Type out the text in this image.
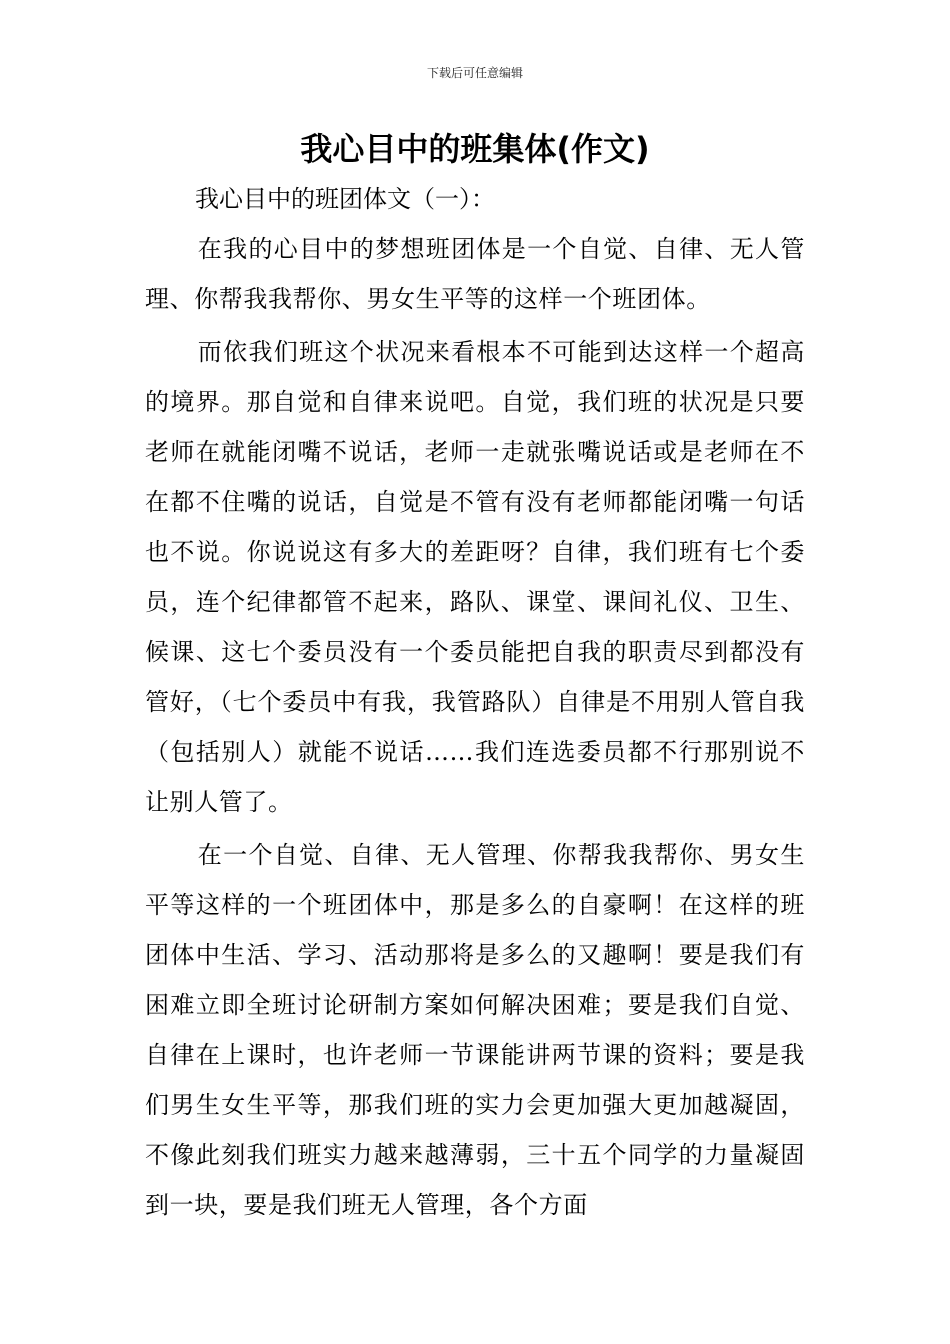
下载后可任意编辑
我心目中的班集体(作文)
我心目中的班团体文（一）：

在我的心目中的梦想班团体是一个自觉、自律、无人管理、你帮我我帮你、男女生平等的这样一个班团体。

而依我们班这个状况来看根本不可能到达这样一个超高的境界。那自觉和自律来说吧。自觉，我们班的状况是只要老师在就能闭嘴不说话，老师一走就张嘴说话或是老师在不在都不住嘴的说话，自觉是不管有没有老师都能闭嘴一句话也不说。你说说这有多大的差距呀？自律，我们班有七个委员，连个纪律都管不起来，路队、课堂、课间礼仪、卫生、候课、这七个委员没有一个委员能把自我的职责尽到都没有管好，（七个委员中有我，我管路队）自律是不用别人管自我（包括别人）就能不说话……我们连选委员都不行那别说不让别人管了。

在一个自觉、自律、无人管理、你帮我我帮你、男女生平等这样的一个班团体中，那是多么的自豪啊！在这样的班团体中生活、学习、活动那将是多么的又趣啊！要是我们有困难立即全班讨论研制方案如何解决困难；要是我们自觉、自律在上课时，也许老师一节课能讲两节课的资料；要是我们男生女生平等，那我们班的实力会更加强大更加越凝固，不像此刻我们班实力越来越薄弱，三十五个同学的力量凝固到一块，要是我们班无人管理，各个方面
